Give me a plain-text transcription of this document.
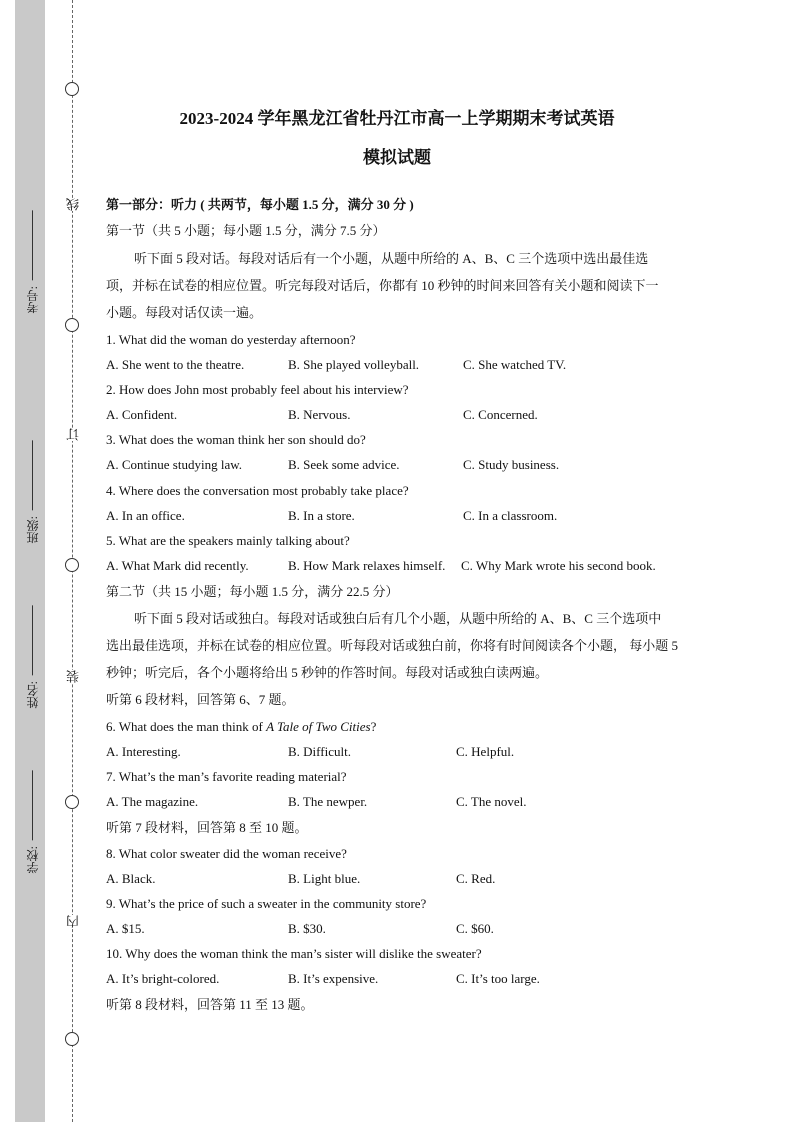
线
订
装
内
考号:
班级:
姓名:
学校:
2023-2024 学年黑龙江省牡丹江市高一上学期期末考试英语
模拟试题
第一部分：听力 ( 共两节，每小题 1.5 分，满分 30 分 )
第一节（共 5 小题；每小题 1.5 分，满分 7.5 分）
听下面 5 段对话。每段对话后有一个小题，从题中所给的 A、B、C 三个选项中选出最佳选
项，并标在试卷的相应位置。听完每段对话后，你都有 10 秒钟的时间来回答有关小题和阅读下一
小题。每段对话仅读一遍。
1. What did the woman do yesterday afternoon?
A. She went to the theatre.	B. She played volleyball.	C. She watched TV.
2. How does John most probably feel about his interview?
A. Confident.	B. Nervous.	C. Concerned.
3. What does the woman think her son should do?
A. Continue studying law.	B. Seek some advice.	C. Study business.
4. Where does the conversation most probably take place?
A. In an office.	B. In a store.	C. In a classroom.
5. What are the speakers mainly talking about?
A. What Mark did recently.	B. How Mark relaxes himself. C. Why Mark wrote his second book.
第二节（共 15 小题；每小题 1.5 分，满分 22.5 分）
听下面 5 段对话或独白。每段对话或独白后有几个小题，从题中所给的 A、B、C 三个选项中
选出最佳选项，并标在试卷的相应位置。听每段对话或独白前，你将有时间阅读各个小题， 每小题 5
秒钟；听完后，各个小题将给出 5 秒钟的作答时间。每段对话或独白读两遍。
听第 6 段材料，回答第 6、7 题。
6. What does the man think of A Tale of Two Cities?
A. Interesting.	B. Difficult.	C. Helpful.
7. What’s the man’s favorite reading material?
A. The magazine.	B. The newper.	C. The novel.
听第 7 段材料，回答第 8 至 10 题。
8. What color sweater did the woman receive?
A. Black.	B. Light blue.	C. Red.
9. What’s the price of such a sweater in the community store?
A. $15.	B. $30.	C. $60.
10. Why does the woman think the man’s sister will dislike the sweater?
A. It’s bright-colored.	B. It’s expensive.	C. It’s too large.
听第 8 段材料，回答第 11 至 13 题。
